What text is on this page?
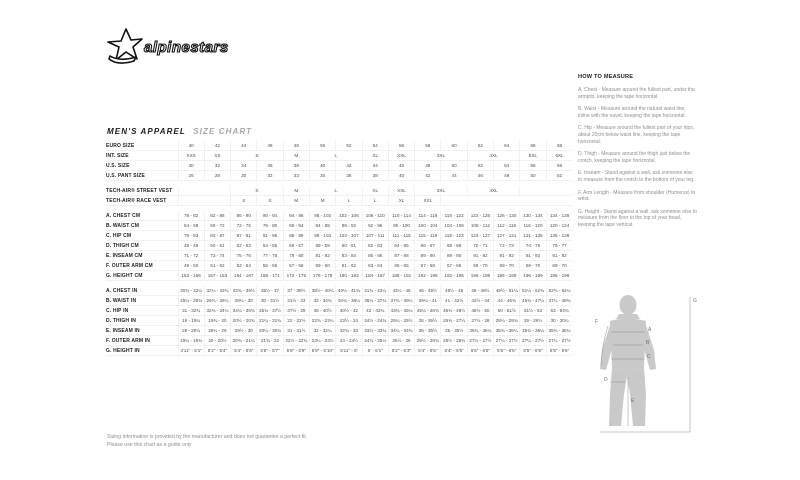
alpinestars
MEN'S APPAREL SIZE CHART
EURO SIZE	40	42	44	46	48	50	52	54	56	58	60	62	64	66	68
INT. SIZE	XXS	XS	S		M	L		XL	XXL	3XL		4XL		5XL	6XL
U.S. SIZE	30	32	34	36	38	40	42	44	46	48	50	52	54	56	58
U.S. PANT SIZE	26	28	30	32	33	34	36	38	40	42	44	46	48	50	52

TECH-AIR® STREET VEST			S		M	L		XL	XXL	3XL		4XL			
TECH-AIR® RACE VEST			S	S	M	M	L	L	XL	XXL					

A. CHEST CM	78 - 82	82 - 86	86 - 90	90 - 94	94 - 98	98 - 102	102 - 106	106 - 110	110 - 114	114 - 118	118 - 122	122 - 126	126 - 130	130 - 134	134 - 138
B. WAIST CM	64 - 68	68 - 72	72 - 76	76 - 80	80 - 84	84 - 88	88 - 92	92 - 96	96 - 100	100 - 104	104 - 108	108 - 112	112 - 116	116 - 120	120 - 124
C. HIP CM	79 - 83	83 - 87	87 - 91	91 - 95	95 - 99	99 - 103	103 - 107	107 - 111	111 - 115	115 - 119	119 - 123	123 - 127	127 - 131	131 - 135	135 - 139
D. THIGH CM	48 - 49	50 - 51	52 - 53	54 - 55	56 - 57	58 - 59	60 - 61	62 - 63	64 - 65	66 - 67	68 - 69	70 - 71	72 - 73	74 - 75	76 - 77
E. INSEAM CM	71 - 72	73 - 74	75 - 76	77 - 78	79 - 80	81 - 82	83 - 84	85 - 86	87 - 88	89 - 90	89 - 90	91 - 92	91 - 92	91 - 92	91 - 92
F. OUTER ARM CM	49 - 50	51 - 52	53 - 54	55 - 56	57 - 58	59 - 60	61 - 62	63 - 64	65 - 66	67 - 68	67 - 68	69 - 70	69 - 70	69 - 70	69 - 70
G. HEIGHT CM	153 - 156	157 - 163	164 - 167	168 - 171	172 - 175	176 - 179	180 - 183	184 - 187	188 - 191	192 - 195	192 - 195	196 - 199	196 - 199	196 - 199	196 - 199

A. CHEST IN	30¾ - 32¼	32¼ - 33¾	33¾ - 35½	35½ - 37	37 - 38½	38½ - 40¼	40¼ - 41¾	41¾ - 43¼	43¼ - 45	45 - 46½	46½ - 48	48 - 49½	49½ - 51¼	51¼ - 52¾	52¾ - 54¼
B. WAIST IN	25¼ - 26¾	26¾ - 28¼	28¼ - 30	30 - 31½	31½ - 33	33 - 34¾	34¾ - 36¼	36¼ - 37¾	37¾ - 39¼	39¼ - 41	41 - 42½	42½ - 44	44 - 45¾	45¾ - 47¼	47¼ - 48¾
C. HIP IN	31 - 32¾	32¾ - 34¼	34¼ - 35¾	35¾ - 37½	37½ - 39	39 - 40½	40½ - 42	42 - 43¾	43¾ - 45¼	45¼ - 46¾	46¾ - 48½	48½ - 50	50 - 51½	51½ - 53	53 - 54¾
D. THIGH IN	19 - 19¼	19¾ - 20	20½ - 20¾	21¼ - 21¾	22 - 22½	22¾ - 23¼	23½ - 24	24½ - 24¾	25¼ - 25½	26 - 26½	26¾ - 27¼	27½ - 28	28¼ - 28¾	29 - 29½	30 - 30¼
E. INSEAM IN	28 - 28¼	28¾ - 29	29½ - 30	30¼ - 30¾	31 - 31½	32 - 32¼	32¾ - 33	33½ - 33¾	34¼ - 34¾	35 - 35½	35 - 35½	35¾ - 36¼	35¾ - 36¼	35¾ - 36¼	35¾ - 36¼
F. OUTER ARM IN	19¼ - 19¾	20 - 20½	20¾ - 21¼	21¾ - 22	22½ - 22¾	23¼ - 23½	24 - 24½	24¾ - 25¼	25½ - 26	26½ - 26¾	26½ - 26¾	27¼ - 27½	27¼ - 27½	27¼ - 27½	27¼ - 27½
G. HEIGHT IN	4'11" - 5'1"	5'2" - 5'4"	5'4" - 5'6"	5'6" - 5'7"	5'8" - 5'9"	5'9" - 5'10"	5'11" - 6'	6' - 6'1"	6'2" - 6'3"	6'4" - 6'5"	6'4" - 6'5"	6'5" - 6'6"	6'5" - 6'6"	6'5" - 6'6"	6'5" - 6'6"
HOW TO MEASURE

A. Chest - Measure around the fullest part, under the armpits, keeping the tape horizontal.

B. Waist - Measure around the natural waist line, inline with the navel, keeping the tape horizontal.

C. Hip - Measure around the fullest part of your hips, about 20cm below waist line, keeping the tape horizontal.

D. Thigh - Measure around the thigh just below the crotch, keeping the tape horizontal.

E. Inseam - Stand against a wall, ask someone else to measure from the crotch to the bottom of your leg.

F. Arm Length - Measure from shoulder (Humerus) to wrist.

G. Height - Stand against a wall, ask someone else to measure from the floor to the top of your head, keeping the tape vertical.

A
B
C
D
E
F
G
Sizing information is provided by the manufacturer and does not guarantee a perfect fit.
Please use this chart as a guide only
